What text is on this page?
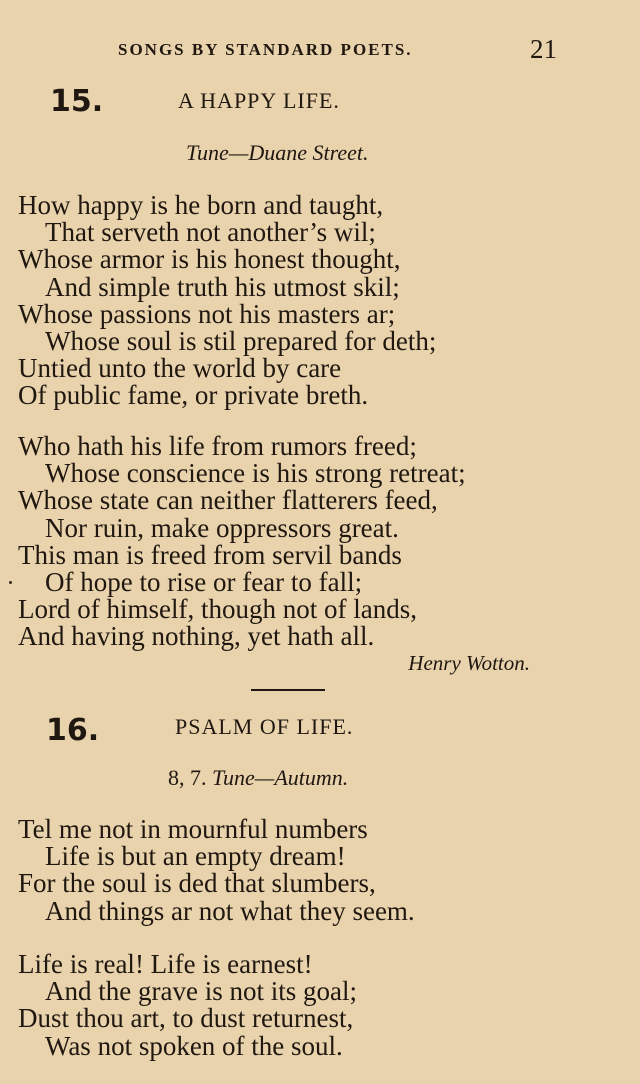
SONGS BY STANDARD POETS.	21
15.	A HAPPY LIFE.
Tune—Duane Street.
How happy is he born and taught,
That serveth not another’s wil;
Whose armor is his honest thought,
And simple truth his utmost skil;
Whose passions not his masters ar;
Whose soul is stil prepared for deth;
Untied unto the world by care
Of public fame, or private breth.
Who hath his life from rumors freed;
Whose conscience is his strong retreat;
Whose state can neither flatterers feed,
Nor ruin, make oppressors great.
This man is freed from servil bands
Of hope to rise or fear to fall;
Lord of himself, though not of lands,
And having nothing, yet hath all.
Henry Wotton.
16.	PSALM OF LIFE.
8, 7. Tune—Autumn.
Tel me not in mournful numbers
Life is but an empty dream!
For the soul is ded that slumbers,
And things ar not what they seem.
Life is real! Life is earnest!
And the grave is not its goal;
Dust thou art, to dust returnest,
Was not spoken of the soul.
